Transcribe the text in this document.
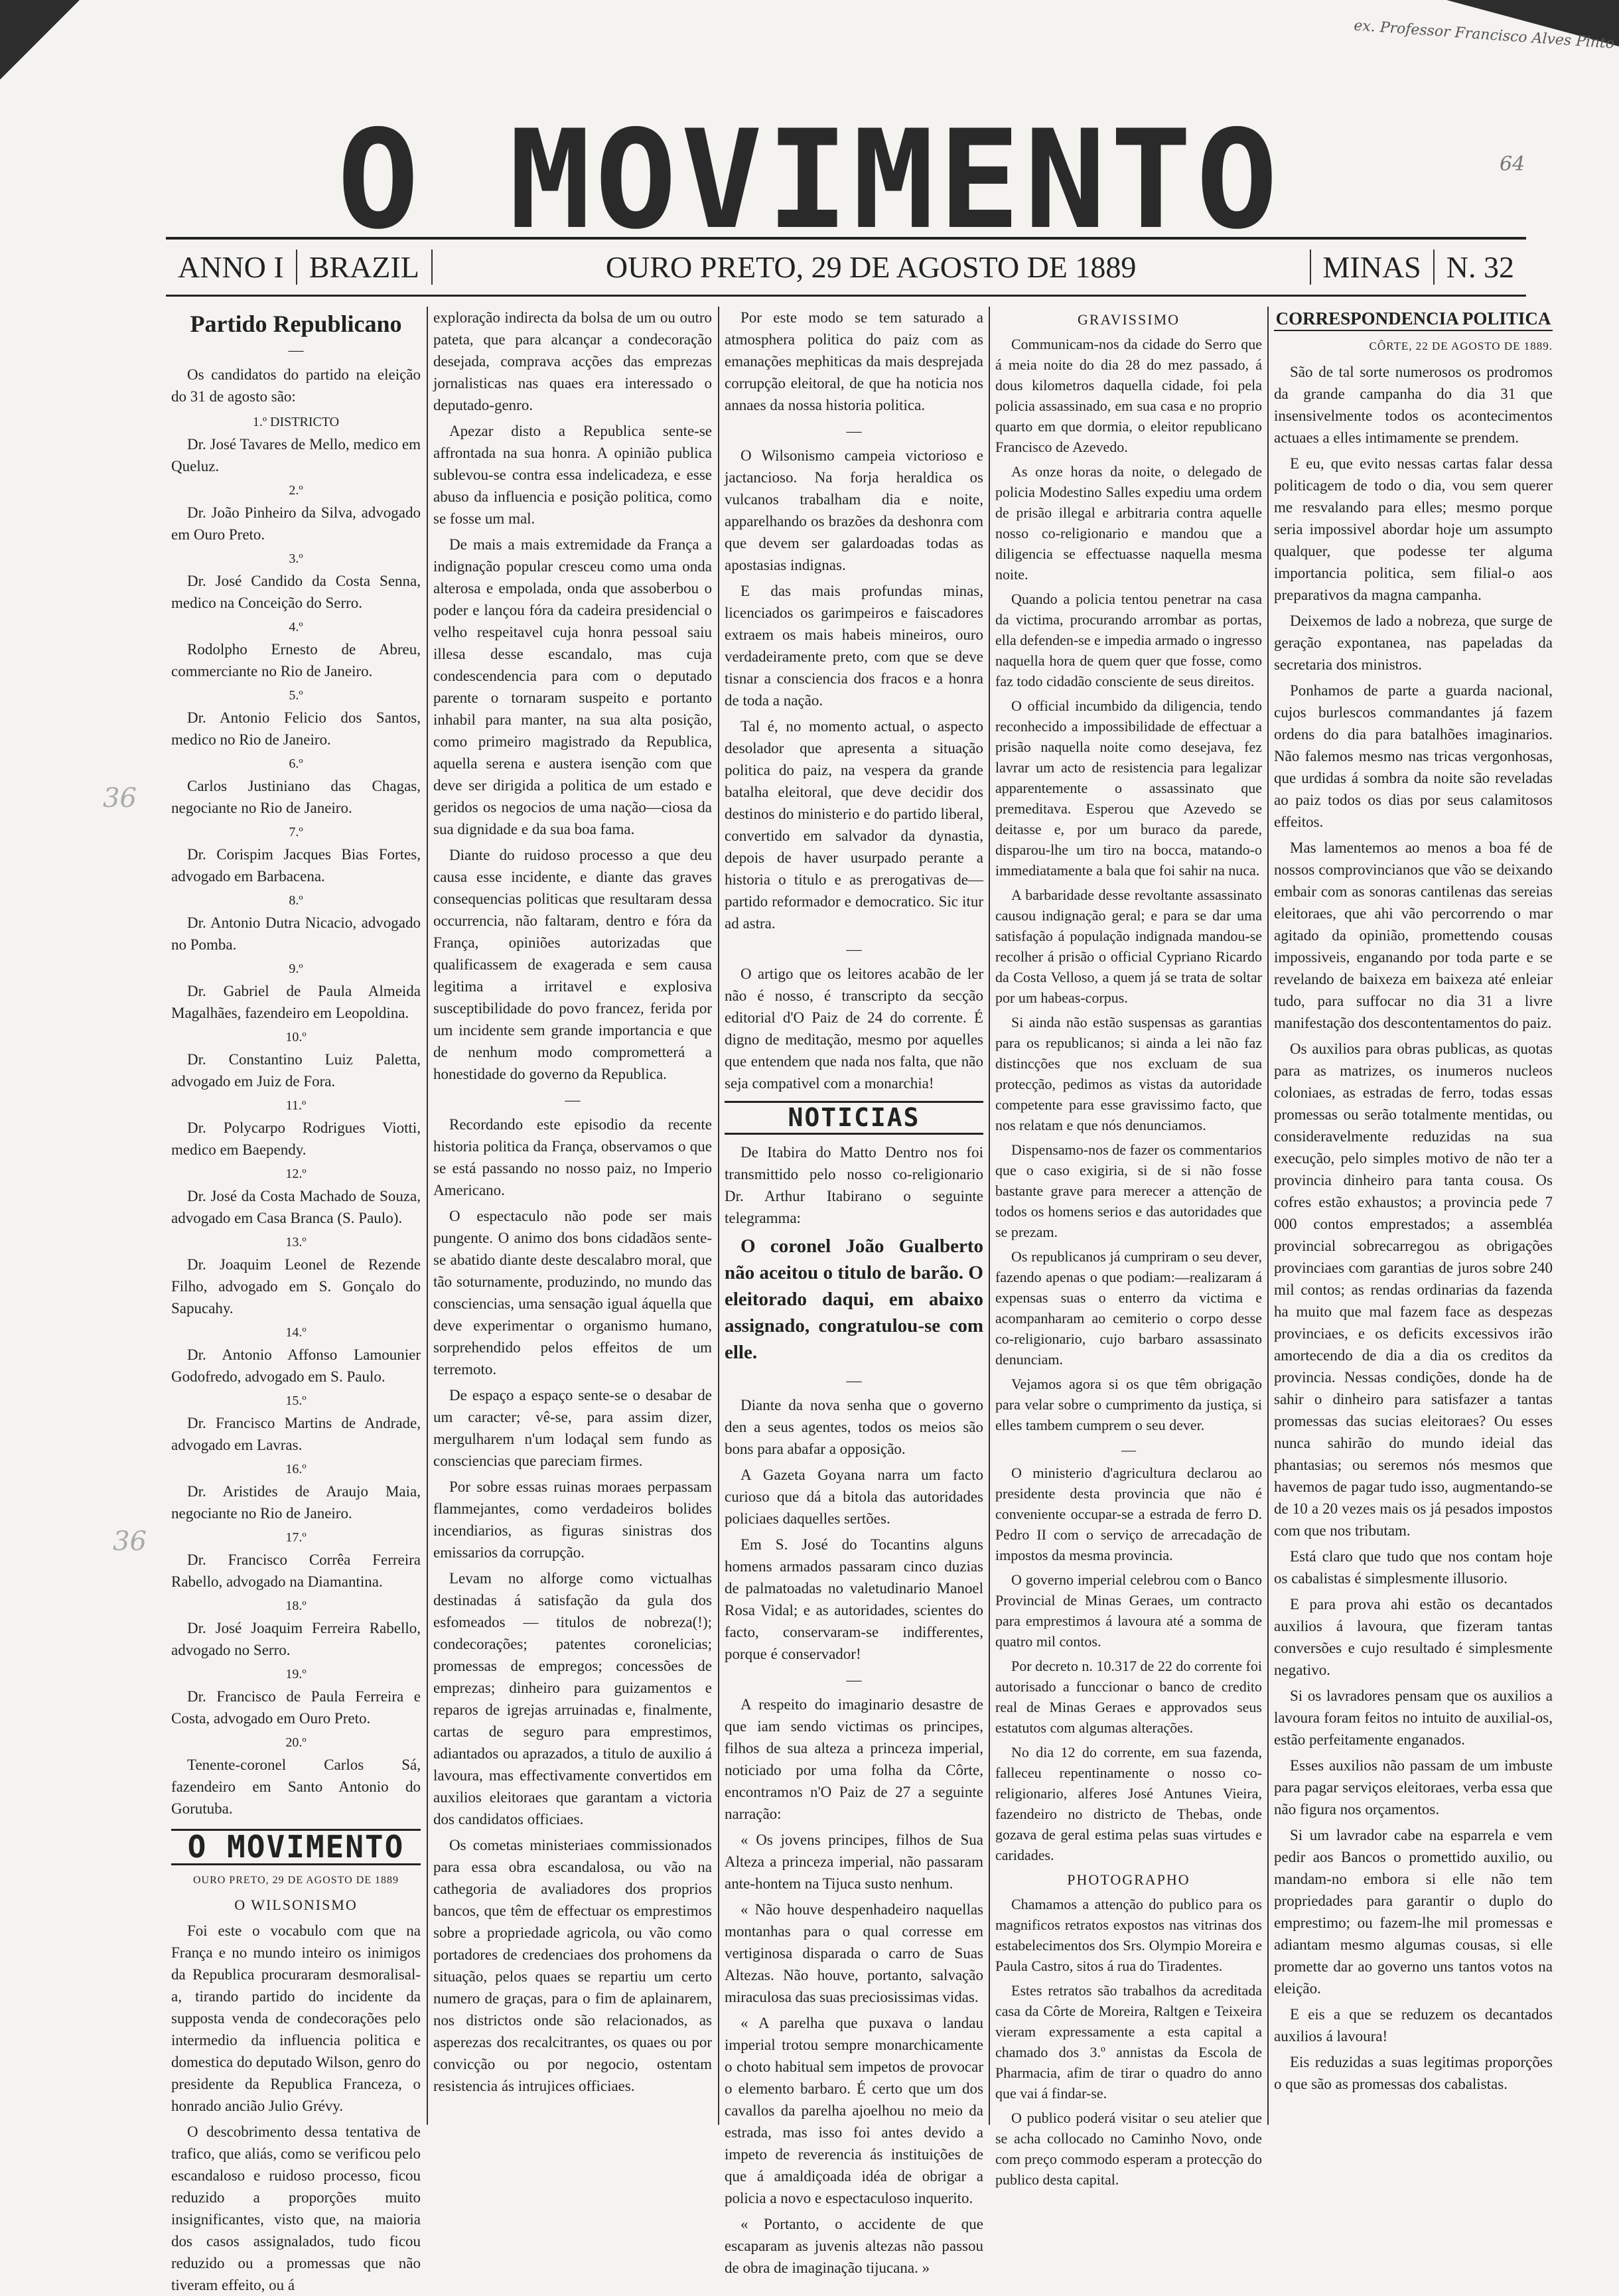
ex. Professor Francisco Alves Pinto
64
O MOVIMENTO
ANNO I BRAZIL	OURO PRETO, 29 DE AGOSTO DE 1889	MINAS N. 32
36
36

Partido Republicano

—

Os candidatos do partido na eleição do 31 de agosto são:

1.º DISTRICTO

Dr. José Tavares de Mello, medico em Queluz.

2.º

Dr. João Pinheiro da Silva, advogado em Ouro Preto.

3.º

Dr. José Candido da Costa Senna, medico na Conceição do Serro.

4.º

Rodolpho Ernesto de Abreu, commerciante no Rio de Janeiro.

5.º

Dr. Antonio Felicio dos Santos, medico no Rio de Janeiro.

6.º

Carlos Justiniano das Chagas, negociante no Rio de Janeiro.

7.º

Dr. Corispim Jacques Bias Fortes, advogado em Barbacena.

8.º

Dr. Antonio Dutra Nicacio, advogado no Pomba.

9.º

Dr. Gabriel de Paula Almeida Magalhães, fazendeiro em Leopoldina.

10.º

Dr. Constantino Luiz Paletta, advogado em Juiz de Fora.

11.º

Dr. Polycarpo Rodrigues Viotti, medico em Baependy.

12.º

Dr. José da Costa Machado de Souza, advogado em Casa Branca (S. Paulo).

13.º

Dr. Joaquim Leonel de Rezende Filho, advogado em S. Gonçalo do Sapucahy.

14.º

Dr. Antonio Affonso Lamounier Godofredo, advogado em S. Paulo.

15.º

Dr. Francisco Martins de Andrade, advogado em Lavras.

16.º

Dr. Aristides de Araujo Maia, negociante no Rio de Janeiro.

17.º

Dr. Francisco Corrêa Ferreira Rabello, advogado na Diamantina.

18.º

Dr. José Joaquim Ferreira Rabello, advogado no Serro.

19.º

Dr. Francisco de Paula Ferreira e Costa, advogado em Ouro Preto.

20.º

Tenente-coronel Carlos Sá, fazendeiro em Santo Antonio do Gorutuba.

O MOVIMENTO

OURO PRETO, 29 DE AGOSTO DE 1889

O WILSONISMO

Foi este o vocabulo com que na França e no mundo inteiro os inimigos da Republica procuraram desmoralisal-a, tirando partido do incidente da supposta venda de condecorações pelo intermedio da influencia politica e domestica do deputado Wilson, genro do presidente da Republica Franceza, o honrado ancião Julio Grévy.

O descobrimento dessa tentativa de trafico, que aliás, como se verificou pelo escandaloso e ruidoso processo, ficou reduzido a proporções muito insignificantes, visto que, na maioria dos casos assignalados, tudo ficou reduzido ou a promessas que não tiveram effeito, ou á

exploração indirecta da bolsa de um ou outro pateta, que para alcançar a condecoração desejada, comprava acções das emprezas jornalisticas nas quaes era interessado o deputado-genro.

Apezar disto a Republica sente-se affrontada na sua honra. A opinião publica sublevou-se contra essa indelicadeza, e esse abuso da influencia e posição politica, como se fosse um mal.

De mais a mais extremidade da França a indignação popular cresceu como uma onda alterosa e empolada, onda que assoberbou o poder e lançou fóra da cadeira presidencial o velho respeitavel cuja honra pessoal saiu illesa desse escandalo, mas cuja condescendencia para com o deputado parente o tornaram suspeito e portanto inhabil para manter, na sua alta posição, como primeiro magistrado da Republica, aquella serena e austera isenção com que deve ser dirigida a politica de um estado e geridos os negocios de uma nação—ciosa da sua dignidade e da sua boa fama.

Diante do ruidoso processo a que deu causa esse incidente, e diante das graves consequencias politicas que resultaram dessa occurrencia, não faltaram, dentro e fóra da França, opiniões autorizadas que qualificassem de exagerada e sem causa legitima a irritavel e explosiva susceptibilidade do povo francez, ferida por um incidente sem grande importancia e que de nenhum modo comprometterá a honestidade do governo da Republica.

—

Recordando este episodio da recente historia politica da França, observamos o que se está passando no nosso paiz, no Imperio Americano.

O espectaculo não pode ser mais pungente. O animo dos bons cidadãos sente-se abatido diante deste descalabro moral, que tão soturnamente, produzindo, no mundo das consciencias, uma sensação igual áquella que deve experimentar o organismo humano, sorprehendido pelos effeitos de um terremoto.

De espaço a espaço sente-se o desabar de um caracter; vê-se, para assim dizer, mergulharem n'um lodaçal sem fundo as consciencias que pareciam firmes.

Por sobre essas ruinas moraes perpassam flammejantes, como verdadeiros bolides incendiarios, as figuras sinistras dos emissarios da corrupção.

Levam no alforge como victualhas destinadas á satisfação da gula dos esfomeados — titulos de nobreza(!); condecorações; patentes coronelicias; promessas de empregos; concessões de emprezas; dinheiro para guizamentos e reparos de igrejas arruinadas e, finalmente, cartas de seguro para emprestimos, adiantados ou aprazados, a titulo de auxilio á lavoura, mas effectivamente convertidos em auxilios eleitoraes que garantam a victoria dos candidatos officiaes.

Os cometas ministeriaes commissionados para essa obra escandalosa, ou vão na cathegoria de avaliadores dos proprios bancos, que têm de effectuar os emprestimos sobre a propriedade agricola, ou vão como portadores de credenciaes dos prohomens da situação, pelos quaes se repartiu um certo numero de graças, para o fim de aplainarem, nos districtos onde são relacionados, as asperezas dos recalcitrantes, os quaes ou por convicção ou por negocio, ostentam resistencia ás intrujices officiaes.

Por este modo se tem saturado a atmosphera politica do paiz com as emanações mephiticas da mais desprejada corrupção eleitoral, de que ha noticia nos annaes da nossa historia politica.

—

O Wilsonismo campeia victorioso e jactancioso. Na forja heraldica os vulcanos trabalham dia e noite, apparelhando os brazões da deshonra com que devem ser galardoadas todas as apostasias indignas.

E das mais profundas minas, licenciados os garimpeiros e faiscadores extraem os mais habeis mineiros, ouro verdadeiramente preto, com que se deve tisnar a consciencia dos fracos e a honra de toda a nação.

Tal é, no momento actual, o aspecto desolador que apresenta a situação politica do paiz, na vespera da grande batalha eleitoral, que deve decidir dos destinos do ministerio e do partido liberal, convertido em salvador da dynastia, depois de haver usurpado perante a historia o titulo e as prerogativas de—partido reformador e democratico. Sic itur ad astra.

—

O artigo que os leitores acabão de ler não é nosso, é transcripto da secção editorial d'O Paiz de 24 do corrente. É digno de meditação, mesmo por aquelles que entendem que nada nos falta, que não seja compativel com a monarchia!

NOTICIAS

De Itabira do Matto Dentro nos foi transmittido pelo nosso co-religionario Dr. Arthur Itabirano o seguinte telegramma:

O coronel João Gualberto não aceitou o titulo de barão. O eleitorado daqui, em abaixo assignado, congratulou-se com elle.

—

Diante da nova senha que o governo den a seus agentes, todos os meios são bons para abafar a opposição.

A Gazeta Goyana narra um facto curioso que dá a bitola das autoridades policiaes daquelles sertões.

Em S. José do Tocantins alguns homens armados passaram cinco duzias de palmatoadas no valetudinario Manoel Rosa Vidal; e as autoridades, scientes do facto, conservaram-se indifferentes, porque é conservador!

—

A respeito do imaginario desastre de que iam sendo victimas os principes, filhos de sua alteza a princeza imperial, noticiado por uma folha da Côrte, encontramos n'O Paiz de 27 a seguinte narração:

« Os jovens principes, filhos de Sua Alteza a princeza imperial, não passaram ante-hontem na Tijuca susto nenhum.

« Não houve despenhadeiro naquellas montanhas para o qual corresse em vertiginosa disparada o carro de Suas Altezas. Não houve, portanto, salvação miraculosa das suas preciosissimas vidas.

« A parelha que puxava o landau imperial trotou sempre monarchicamente o choto habitual sem impetos de provocar o elemento barbaro. É certo que um dos cavallos da parelha ajoelhou no meio da estrada, mas isso foi antes devido a impeto de reverencia ás instituições de que á amaldiçoada idéa de obrigar a policia a novo e espectaculoso inquerito.

« Portanto, o accidente de que escaparam as juvenis altezas não passou de obra de imaginação tijucana. »

GRAVISSIMO

Communicam-nos da cidade do Serro que á meia noite do dia 28 do mez passado, á dous kilometros daquella cidade, foi pela policia assassinado, em sua casa e no proprio quarto em que dormia, o eleitor republicano Francisco de Azevedo.

As onze horas da noite, o delegado de policia Modestino Salles expediu uma ordem de prisão illegal e arbitraria contra aquelle nosso co-religionario e mandou que a diligencia se effectuasse naquella mesma noite.

Quando a policia tentou penetrar na casa da victima, procurando arrombar as portas, ella defenden-se e impedia armado o ingresso naquella hora de quem quer que fosse, como faz todo cidadão consciente de seus direitos.

O official incumbido da diligencia, tendo reconhecido a impossibilidade de effectuar a prisão naquella noite como desejava, fez lavrar um acto de resistencia para legalizar apparentemente o assassinato que premeditava. Esperou que Azevedo se deitasse e, por um buraco da parede, disparou-lhe um tiro na bocca, matando-o immediatamente a bala que foi sahir na nuca.

A barbaridade desse revoltante assassinato causou indignação geral; e para se dar uma satisfação á população indignada mandou-se recolher á prisão o official Cypriano Ricardo da Costa Velloso, a quem já se trata de soltar por um habeas-corpus.

Si ainda não estão suspensas as garantias para os republicanos; si ainda a lei não faz distincções que nos excluam de sua protecção, pedimos as vistas da autoridade competente para esse gravissimo facto, que nos relatam e que nós denunciamos.

Dispensamo-nos de fazer os commentarios que o caso exigiria, si de si não fosse bastante grave para merecer a attenção de todos os homens serios e das autoridades que se prezam.

Os republicanos já cumpriram o seu dever, fazendo apenas o que podiam:—realizaram á expensas suas o enterro da victima e acompanharam ao cemiterio o corpo desse co-religionario, cujo barbaro assassinato denunciam.

Vejamos agora si os que têm obrigação para velar sobre o cumprimento da justiça, si elles tambem cumprem o seu dever.

—

O ministerio d'agricultura declarou ao presidente desta provincia que não é conveniente occupar-se a estrada de ferro D. Pedro II com o serviço de arrecadação de impostos da mesma provincia.

O governo imperial celebrou com o Banco Provincial de Minas Geraes, um contracto para emprestimos á lavoura até a somma de quatro mil contos.

Por decreto n. 10.317 de 22 do corrente foi autorisado a funccionar o banco de credito real de Minas Geraes e approvados seus estatutos com algumas alterações.

No dia 12 do corrente, em sua fazenda, falleceu repentinamente o nosso co-religionario, alferes José Antunes Vieira, fazendeiro no districto de Thebas, onde gozava de geral estima pelas suas virtudes e caridades.

PHOTOGRAPHO

Chamamos a attenção do publico para os magnificos retratos expostos nas vitrinas dos estabelecimentos dos Srs. Olympio Moreira e Paula Castro, sitos á rua do Tiradentes.

Estes retratos são trabalhos da acreditada casa da Côrte de Moreira, Raltgen e Teixeira vieram expressamente a esta capital a chamado dos 3.º annistas da Escola de Pharmacia, afim de tirar o quadro do anno que vai á findar-se.

O publico poderá visitar o seu atelier que se acha collocado no Caminho Novo, onde com preço commodo esperam a protecção do publico desta capital.

CORRESPONDENCIA POLITICA

CÔRTE, 22 DE AGOSTO DE 1889.

São de tal sorte numerosos os prodromos da grande campanha do dia 31 que insensivelmente todos os acontecimentos actuaes a elles intimamente se prendem.

E eu, que evito nessas cartas falar dessa politicagem de todo o dia, vou sem querer me resvalando para elles; mesmo porque seria impossivel abordar hoje um assumpto qualquer, que podesse ter alguma importancia politica, sem filial-o aos preparativos da magna campanha.

Deixemos de lado a nobreza, que surge de geração expontanea, nas papeladas da secretaria dos ministros.

Ponhamos de parte a guarda nacional, cujos burlescos commandantes já fazem ordens do dia para batalhões imaginarios. Não falemos mesmo nas tricas vergonhosas, que urdidas á sombra da noite são reveladas ao paiz todos os dias por seus calamitosos effeitos.

Mas lamentemos ao menos a boa fé de nossos comprovincianos que vão se deixando embair com as sonoras cantilenas das sereias eleitoraes, que ahi vão percorrendo o mar agitado da opinião, promettendo cousas impossiveis, enganando por toda parte e se revelando de baixeza em baixeza até enleiar tudo, para suffocar no dia 31 a livre manifestação dos descontentamentos do paiz.

Os auxilios para obras publicas, as quotas para as matrizes, os inumeros nucleos coloniaes, as estradas de ferro, todas essas promessas ou serão totalmente mentidas, ou consideravelmente reduzidas na sua execução, pelo simples motivo de não ter a provincia dinheiro para tanta cousa. Os cofres estão exhaustos; a provincia pede 7 000 contos emprestados; a assembléa provincial sobrecarregou as obrigações provinciaes com garantias de juros sobre 240 mil contos; as rendas ordinarias da fazenda ha muito que mal fazem face as despezas provinciaes, e os deficits excessivos irão amortecendo de dia a dia os creditos da provincia. Nessas condições, donde ha de sahir o dinheiro para satisfazer a tantas promessas das sucias eleitoraes? Ou esses nunca sahirão do mundo ideial das phantasias; ou seremos nós mesmos que havemos de pagar tudo isso, augmentando-se de 10 a 20 vezes mais os já pesados impostos com que nos tributam.

Está claro que tudo que nos contam hoje os cabalistas é simplesmente illusorio.

E para prova ahi estão os decantados auxilios á lavoura, que fizeram tantas conversões e cujo resultado é simplesmente negativo.

Si os lavradores pensam que os auxilios a lavoura foram feitos no intuito de auxilial-os, estão perfeitamente enganados.

Esses auxilios não passam de um imbuste para pagar serviços eleitoraes, verba essa que não figura nos orçamentos.

Si um lavrador cabe na esparrela e vem pedir aos Bancos o promettido auxilio, ou mandam-no embora si elle não tem propriedades para garantir o duplo do emprestimo; ou fazem-lhe mil promessas e adiantam mesmo algumas cousas, si elle promette dar ao governo uns tantos votos na eleição.

E eis a que se reduzem os decantados auxilios á lavoura!

Eis reduzidas a suas legitimas proporções o que são as promessas dos cabalistas.
